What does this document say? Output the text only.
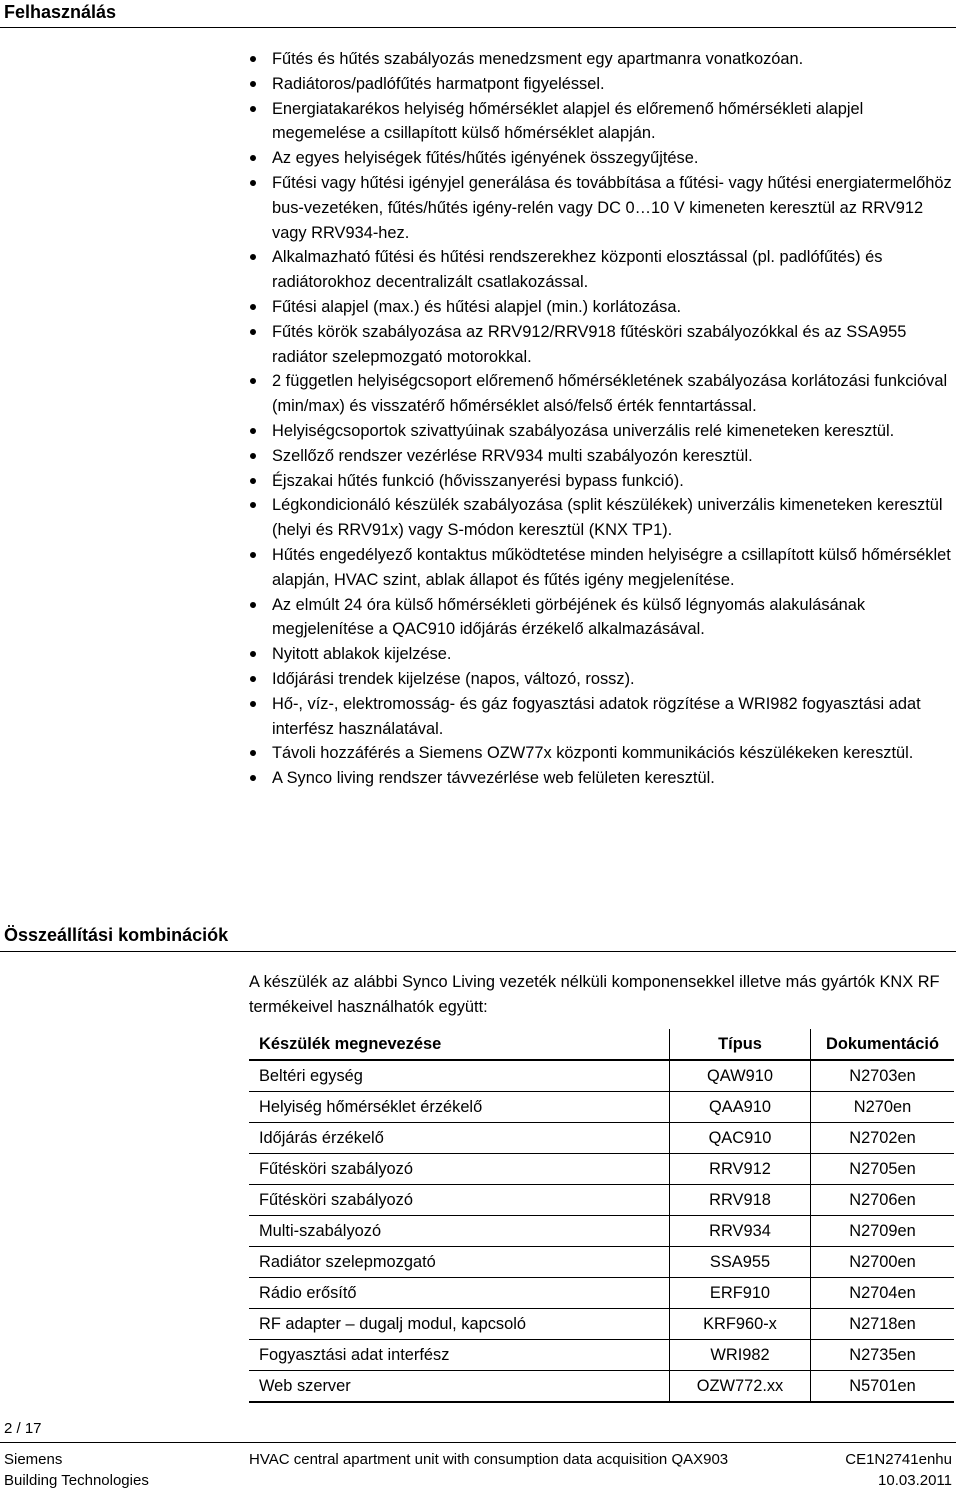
Felhasználás
Fűtés és hűtés szabályozás menedzsment egy apartmanra vonatkozóan.
Radiátoros/padlófűtés harmatpont figyeléssel.
Energiatakarékos helyiség hőmérséklet alapjel és előremenő hőmérsékleti alapjel megemelése a csillapított külső hőmérséklet alapján.
Az egyes helyiségek fűtés/hűtés igényének összegyűjtése.
Fűtési vagy hűtési igényjel generálása és továbbítása a fűtési- vagy hűtési energiatermelőhöz bus-vezetéken, fűtés/hűtés igény-relén vagy DC 0…10 V kimeneten keresztül az RRV912 vagy RRV934-hez.
Alkalmazható fűtési és hűtési rendszerekhez központi elosztással (pl. padlófűtés) és radiátorokhoz decentralizált csatlakozással.
Fűtési alapjel (max.) és hűtési alapjel (min.) korlátozása.
Fűtés körök szabályozása az RRV912/RRV918 fűtésköri szabályozókkal és az SSA955 radiátor szelepmozgató motorokkal.
2 független helyiségcsoport előremenő hőmérsékletének szabályozása korlátozási funkcióval (min/max) és visszatérő hőmérséklet alsó/felső érték fenntartással.
Helyiségcsoportok szivattyúinak szabályozása univerzális relé kimeneteken keresztül.
Szellőző rendszer vezérlése RRV934 multi szabályozón keresztül.
Éjszakai hűtés funkció (hővisszanyerési bypass funkció).
Légkondicionáló készülék szabályozása (split készülékek) univerzális kimeneteken keresztül (helyi és RRV91x) vagy S-módon keresztül (KNX TP1).
Hűtés engedélyező kontaktus működtetése minden helyiségre a csillapított külső hőmérséklet alapján, HVAC szint, ablak állapot és fűtés igény megjelenítése.
Az elmúlt 24 óra külső hőmérsékleti görbéjének és külső légnyomás alakulásának megjelenítése a QAC910 időjárás érzékelő alkalmazásával.
Nyitott ablakok kijelzése.
Időjárási trendek kijelzése (napos, változó, rossz).
Hő-, víz-, elektromosság- és gáz fogyasztási adatok rögzítése a WRI982 fogyasztási adat interfész használatával.
Távoli hozzáférés a Siemens OZW77x központi kommunikációs készülékeken keresztül.
A Synco living rendszer távvezérlése web felületen keresztül.
Összeállítási kombinációk

A készülék az alábbi Synco Living vezeték nélküli komponensekkel illetve más gyártók KNX RF termékeivel használhatók együtt:

Készülék megnevezése	Típus	Dokumentáció
Beltéri egység	QAW910	N2703en
Helyiség hőmérséklet érzékelő	QAA910	N270en
Időjárás érzékelő	QAC910	N2702en
Fűtésköri szabályozó	RRV912	N2705en
Fűtésköri szabályozó	RRV918	N2706en
Multi-szabályozó	RRV934	N2709en
Radiátor szelepmozgató	SSA955	N2700en
Rádio erősítő	ERF910	N2704en
RF adapter – dugalj modul, kapcsoló	KRF960-x	N2718en
Fogyasztási adat interfész	WRI982	N2735en
Web szerver	OZW772.xx	N5701en
2 / 17
Siemens
Building Technologies
HVAC central apartment unit with consumption data acquisition QAX903	CE1N2741enhu
10.03.2011
